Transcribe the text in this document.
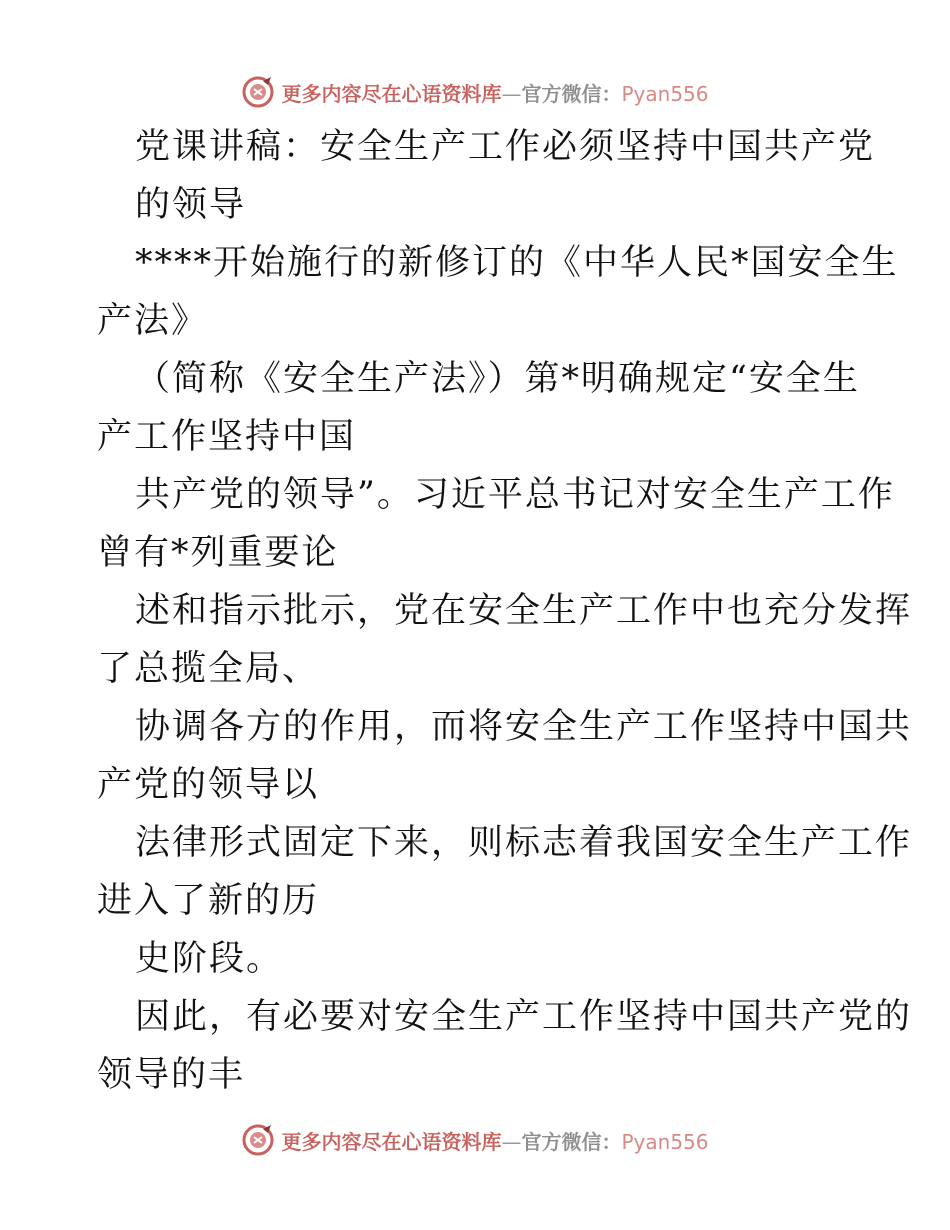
更多内容尽在心语资料库—官方微信：Pyan556
党课讲稿：安全生产工作必须坚持中国共产党
的领导
****开始施行的新修订的《中华人民*国安全生
产法》
（简称《安全生产法》）第*明确规定“安全生
产工作坚持中国
共产党的领导”。习近平总书记对安全生产工作
曾有*列重要论
述和指示批示，党在安全生产工作中也充分发挥
了总揽全局、
协调各方的作用，而将安全生产工作坚持中国共
产党的领导以
法律形式固定下来，则标志着我国安全生产工作
进入了新的历
史阶段。
因此，有必要对安全生产工作坚持中国共产党的
领导的丰
更多内容尽在心语资料库—官方微信：Pyan556
